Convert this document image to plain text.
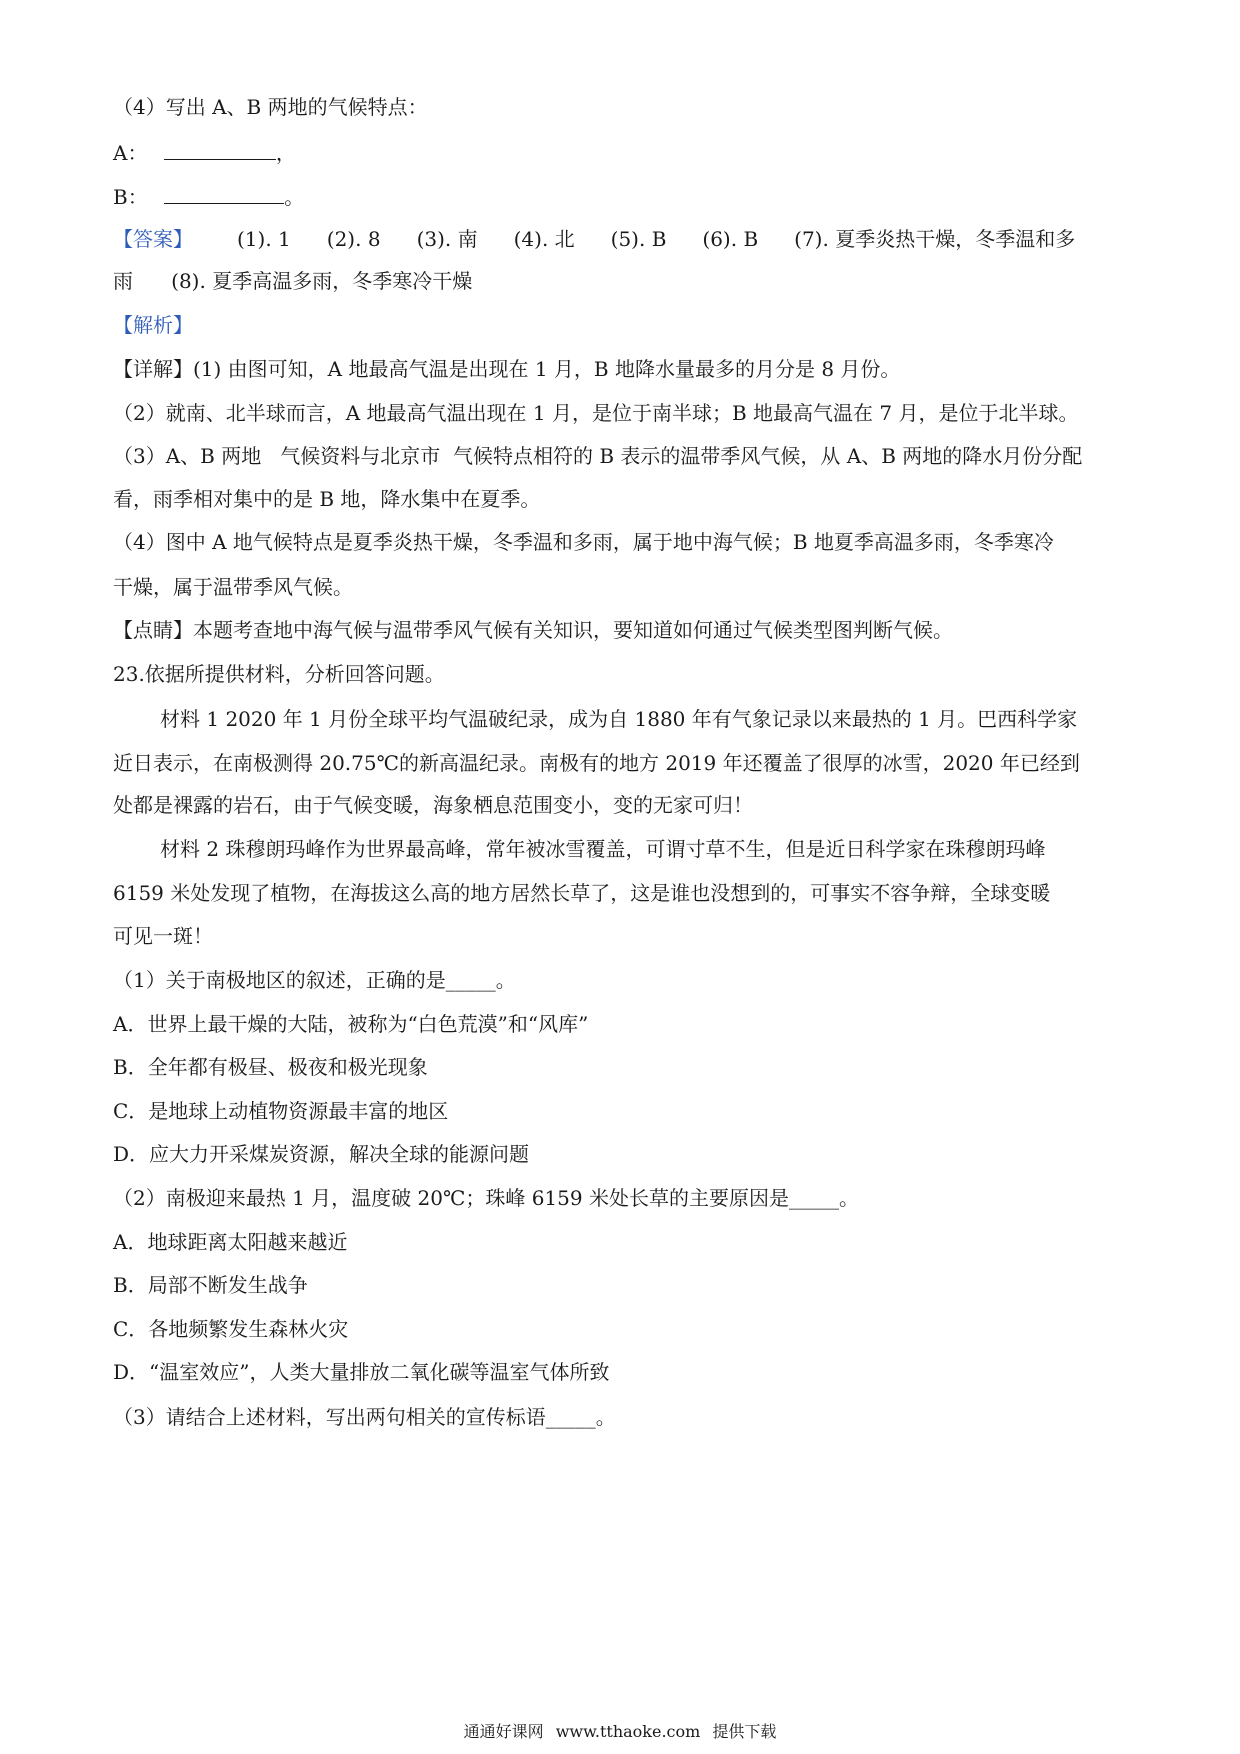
（4）写出 A、B 两地的气候特点：
A：	，
B：	。
【答案】 (1). 1 (2). 8 (3). 南 (4). 北 (5). B (6). B (7). 夏季炎热干燥，冬季温和多
雨      (8). 夏季高温多雨，冬季寒冷干燥
【解析】
【详解】(1) 由图可知，A 地最高气温是出现在 1 月，B 地降水量最多的月分是 8 月份。
（2）就南、北半球而言，A 地最高气温出现在 1 月，是位于南半球；B 地最高气温在 7 月，是位于北半球。
（3）A、B 两地   气候资料与北京市  气候特点相符的 B 表示的温带季风气候，从 A、B 两地的降水月份分配
看，雨季相对集中的是 B 地，降水集中在夏季。
（4）图中 A 地气候特点是夏季炎热干燥，冬季温和多雨，属于地中海气候；B 地夏季高温多雨，冬季寒冷
干燥，属于温带季风气候。
【点睛】本题考查地中海气候与温带季风气候有关知识，要知道如何通过气候类型图判断气候。
23.依据所提供材料，分析回答问题。
材料 1 2020 年 1 月份全球平均气温破纪录，成为自 1880 年有气象记录以来最热的 1 月。巴西科学家
近日表示，在南极测得 20.75℃的新高温纪录。南极有的地方 2019 年还覆盖了很厚的冰雪，2020 年已经到
处都是裸露的岩石，由于气候变暖，海象栖息范围变小，变的无家可归！
材料 2 珠穆朗玛峰作为世界最高峰，常年被冰雪覆盖，可谓寸草不生，但是近日科学家在珠穆朗玛峰
6159 米处发现了植物，在海拔这么高的地方居然长草了，这是谁也没想到的，可事实不容争辩，全球变暖
可见一斑！
（1）关于南极地区的叙述，正确的是_____。
A．世界上最干燥的大陆，被称为“白色荒漠”和“风库”
B．全年都有极昼、极夜和极光现象
C．是地球上动植物资源最丰富的地区
D．应大力开采煤炭资源，解决全球的能源问题
（2）南极迎来最热 1 月，温度破 20℃；珠峰 6159 米处长草的主要原因是_____。
A．地球距离太阳越来越近
B．局部不断发生战争
C．各地频繁发生森林火灾
D．“温室效应”，人类大量排放二氧化碳等温室气体所致
（3）请结合上述材料，写出两句相关的宣传标语_____。
通通好课网 www.tthaoke.com 提供下载
